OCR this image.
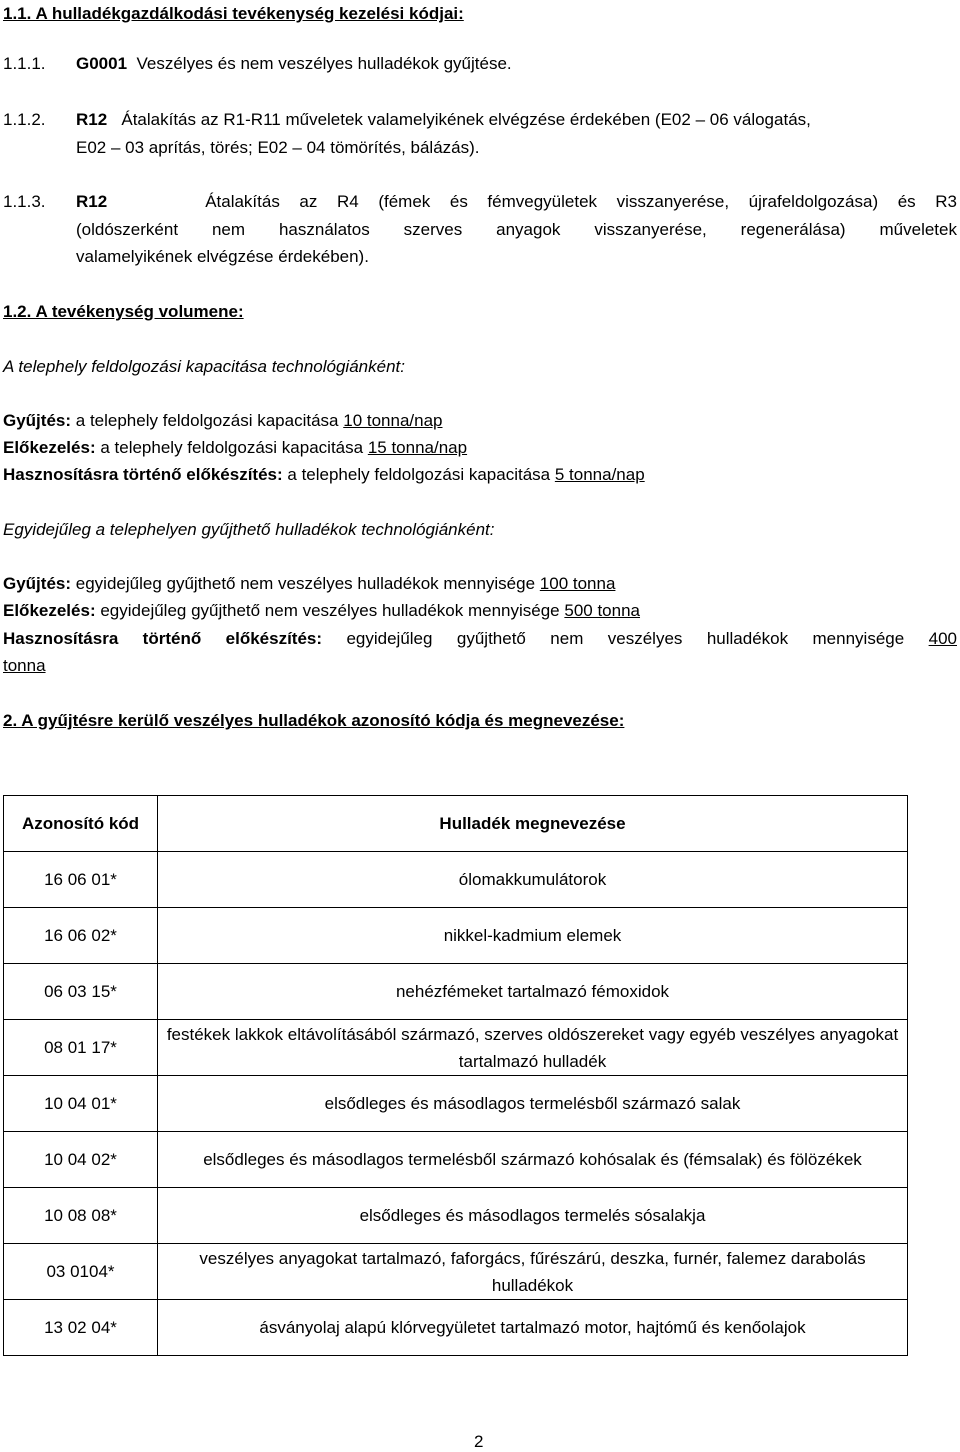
1.1. A hulladékgazdálkodási tevékenység kezelési kódjai:
1.1.1. G0001 Veszélyes és nem veszélyes hulladékok gyűjtése.
1.1.2. R12 Átalakítás az R1-R11 műveletek valamelyikének elvégzése érdekében (E02 – 06 válogatás,
E02 – 03 aprítás, törés; E02 – 04 tömörítés, bálázás).
1.1.3.	R12	Átalakítás az R4 (fémek és fémvegyületek visszanyerése, újrafeldolgozása) és R3
(oldószerként nem használatos szerves anyagok visszanyerése, regenerálása) műveletek
valamelyikének elvégzése érdekében).
1.2. A tevékenység volumene:
A telephely feldolgozási kapacitása technológiánként:
Gyűjtés: a telephely feldolgozási kapacitása 10 tonna/nap
Előkezelés: a telephely feldolgozási kapacitása 15 tonna/nap
Hasznosításra történő előkészítés: a telephely feldolgozási kapacitása 5 tonna/nap
Egyidejűleg a telephelyen gyűjthető hulladékok technológiánként:
Gyűjtés: egyidejűleg gyűjthető nem veszélyes hulladékok mennyisége 100 tonna
Előkezelés: egyidejűleg gyűjthető nem veszélyes hulladékok mennyisége 500 tonna
Hasznosításra történő előkészítés: egyidejűleg gyűjthető nem veszélyes hulladékok mennyisége 400
tonna
2. A gyűjtésre kerülő veszélyes hulladékok azonosító kódja és megnevezése:
Azonosító kód	Hulladék megnevezése
16 06 01*	ólomakkumulátorok
16 06 02*	nikkel-kadmium elemek
06 03 15*	nehézfémeket tartalmazó fémoxidok
08 01 17*	festékek lakkok eltávolításából származó, szerves oldószereket vagy egyéb veszélyes anyagokat tartalmazó hulladék
10 04 01*	elsődleges és másodlagos termelésből származó salak
10 04 02*	elsődleges és másodlagos termelésből származó kohósalak és (fémsalak) és fölözékek
10 08 08*	elsődleges és másodlagos termelés sósalakja
03 0104*	veszélyes anyagokat tartalmazó, faforgács, fűrészárú, deszka, furnér, falemez darabolás hulladékok
13 02 04*	ásványolaj alapú klórvegyületet tartalmazó motor, hajtómű és kenőolajok
2
